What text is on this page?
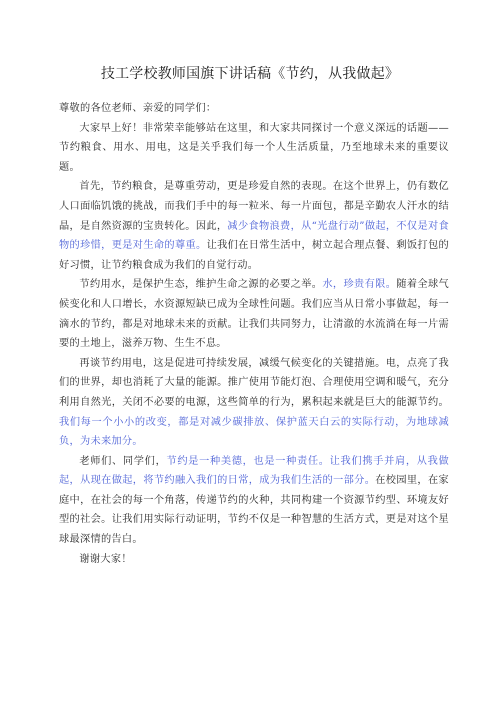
技工学校教师国旗下讲话稿《节约，从我做起》

尊敬的各位老师、亲爱的同学们：

大家早上好！非常荣幸能够站在这里，和大家共同探讨一个意义深远的话题——节约粮食、用水、用电，这是关乎我们每一个人生活质量，乃至地球未来的重要议题。

首先，节约粮食，是尊重劳动，更是珍爱自然的表现。在这个世界上，仍有数亿人口面临饥饿的挑战，而我们手中的每一粒米、每一片面包，都是辛勤农人汗水的结晶，是自然资源的宝贵转化。因此，减少食物浪费，从“光盘行动”做起，不仅是对食物的珍惜，更是对生命的尊重。让我们在日常生活中，树立起合理点餐、剩饭打包的好习惯，让节约粮食成为我们的自觉行动。

节约用水，是保护生态，维护生命之源的必要之举。水，珍贵有限。随着全球气候变化和人口增长，水资源短缺已成为全球性问题。我们应当从日常小事做起，每一滴水的节约，都是对地球未来的贡献。让我们共同努力，让清澈的水流淌在每一片需要的土地上，滋养万物、生生不息。

再谈节约用电，这是促进可持续发展，减缓气候变化的关键措施。电，点亮了我们的世界，却也消耗了大量的能源。推广使用节能灯泡、合理使用空调和暖气，充分利用自然光，关闭不必要的电源，这些简单的行为，累积起来就是巨大的能源节约。我们每一个小小的改变，都是对减少碳排放、保护蓝天白云的实际行动，为地球减负，为未来加分。

老师们、同学们，节约是一种美德，也是一种责任。让我们携手并肩，从我做起，从现在做起，将节约融入我们的日常，成为我们生活的一部分。在校园里，在家庭中，在社会的每一个角落，传递节约的火种，共同构建一个资源节约型、环境友好型的社会。让我们用实际行动证明，节约不仅是一种智慧的生活方式，更是对这个星球最深情的告白。

谢谢大家！
